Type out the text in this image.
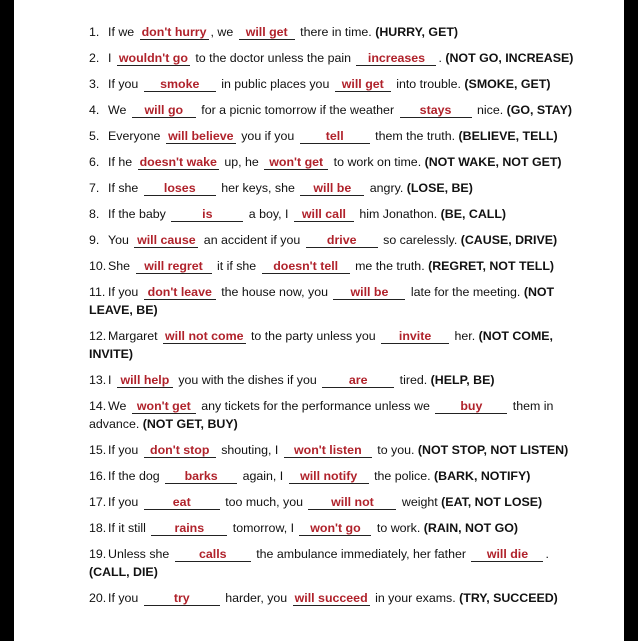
1. If we don't hurry , we will get there in time. (HURRY, GET)
2. I wouldn't go to the doctor unless the pain increases . (NOT GO, INCREASE)
3. If you smoke in public places you will get into trouble. (SMOKE, GET)
4. We will go for a picnic tomorrow if the weather stays nice. (GO, STAY)
5. Everyone will believe you if you tell them the truth. (BELIEVE, TELL)
6. If he doesn't wake up, he won't get to work on time. (NOT WAKE, NOT GET)
7. If she loses her keys, she will be angry. (LOSE, BE)
8. If the baby	is	a boy, I will call him Jonathon. (BE, CALL)
9. You will cause an accident if you drive so carelessly. (CAUSE, DRIVE)
10. She will regret it if she doesn't tell me the truth. (REGRET, NOT TELL)
11. If you don't leave the house now, you will be late for the meeting. (NOT LEAVE, BE)
12. Margaret will not come to the party unless you invite her. (NOT COME, INVITE)
13. I will help you with the dishes if you are tired. (HELP, BE)
14. We won't get any tickets for the performance unless we buy them in advance. (NOT GET, BUY)
15. If you don't stop shouting, I won't listen to you. (NOT STOP, NOT LISTEN)
16. If the dog barks again, I will notify the police. (BARK, NOTIFY)
17. If you	eat	too much, you will not weight (EAT, NOT LOSE)
18. If it still rains tomorrow, I won't go to work. (RAIN, NOT GO)
19. Unless she calls the ambulance immediately, her father will die . (CALL, DIE)
20. If you	try	harder, you will succeed in your exams. (TRY, SUCCEED)
